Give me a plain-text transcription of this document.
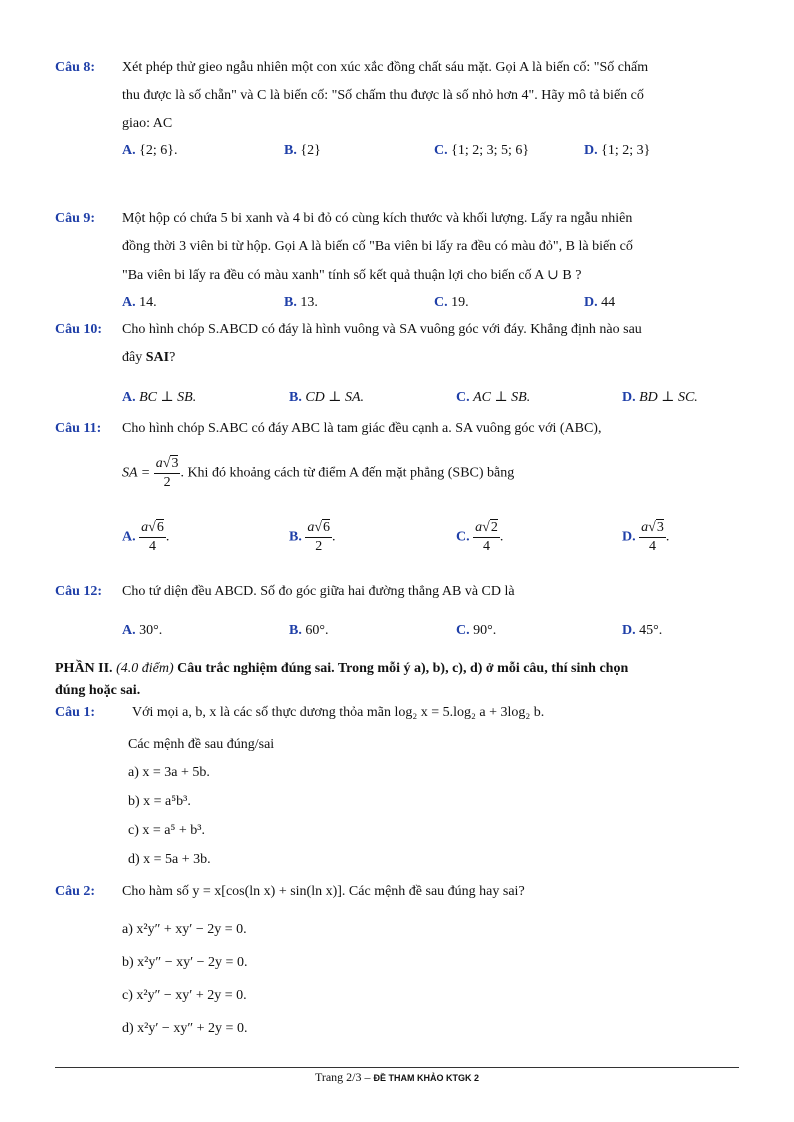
Câu 8: Xét phép thử gieo ngẫu nhiên một con xúc xắc đồng chất sáu mặt. Gọi A là biến cố: "Số chấm
thu được là số chẵn" và C là biến cố: "Số chấm thu được là số nhỏ hơn 4". Hãy mô tả biến cố
giao: AC
A. {2; 6}.	B. {2}	C. {1; 2; 3; 5; 6}	D. {1; 2; 3}
Câu 9: Một hộp có chứa 5 bi xanh và 4 bi đỏ có cùng kích thước và khối lượng. Lấy ra ngẫu nhiên
đồng thời 3 viên bi từ hộp. Gọi A là biến cố "Ba viên bi lấy ra đều có màu đỏ", B là biến cố
"Ba viên bi lấy ra đều có màu xanh" tính số kết quả thuận lợi cho biến cố A ∪ B ?
A. 14.	B. 13.	C. 19.	D. 44
Câu 10: Cho hình chóp S.ABCD có đáy là hình vuông và SA vuông góc với đáy. Khẳng định nào sau
đây SAI?
A. BC ⊥ SB.	B. CD ⊥ SA.	C. AC ⊥ SB.	D. BD ⊥ SC.
Câu 11: Cho hình chóp S.ABC có đáy ABC là tam giác đều cạnh a. SA vuông góc với (ABC),
SA = $\frac{a√3}{2}$ . Khi đó khoảng cách từ điểm A đến mặt phẳng (SBC) bằng
A. $\frac{a√6}{4}$ .	B. $\frac{a√6}{2}$ .	C. $\frac{a√2}{4}$ .	D. $\frac{a√3}{4}$ .
Câu 12: Cho tứ diện đều ABCD. Số đo góc giữa hai đường thẳng AB và CD là
A. 30°.	B. 60°.	C. 90°.	D. 45°.
PHẦN II. (4.0 điểm) Câu trắc nghiệm đúng sai. Trong mỗi ý a), b), c), d) ở mỗi câu, thí sinh chọn
đúng hoặc sai.
Câu 1:	Với mọi a, b, x là các số thực dương thỏa mãn log₂ x = 5.log₂ a + 3log₂ b.
Các mệnh đề sau đúng/sai
a) x = 3a + 5b.
b) x = a⁵b³.
c) x = a⁵ + b³.
d) x = 5a + 3b.
Câu 2: Cho hàm số y = x[cos(ln x) + sin(ln x)]. Các mệnh đề sau đúng hay sai?
a) x²y″ + xy′ − 2y = 0.
b) x²y″ − xy′ − 2y = 0.
c) x²y″ − xy′ + 2y = 0.
d) x²y′ − xy″ + 2y = 0.
Trang 2/3 – ĐỀ THAM KHẢO KTGK 2
